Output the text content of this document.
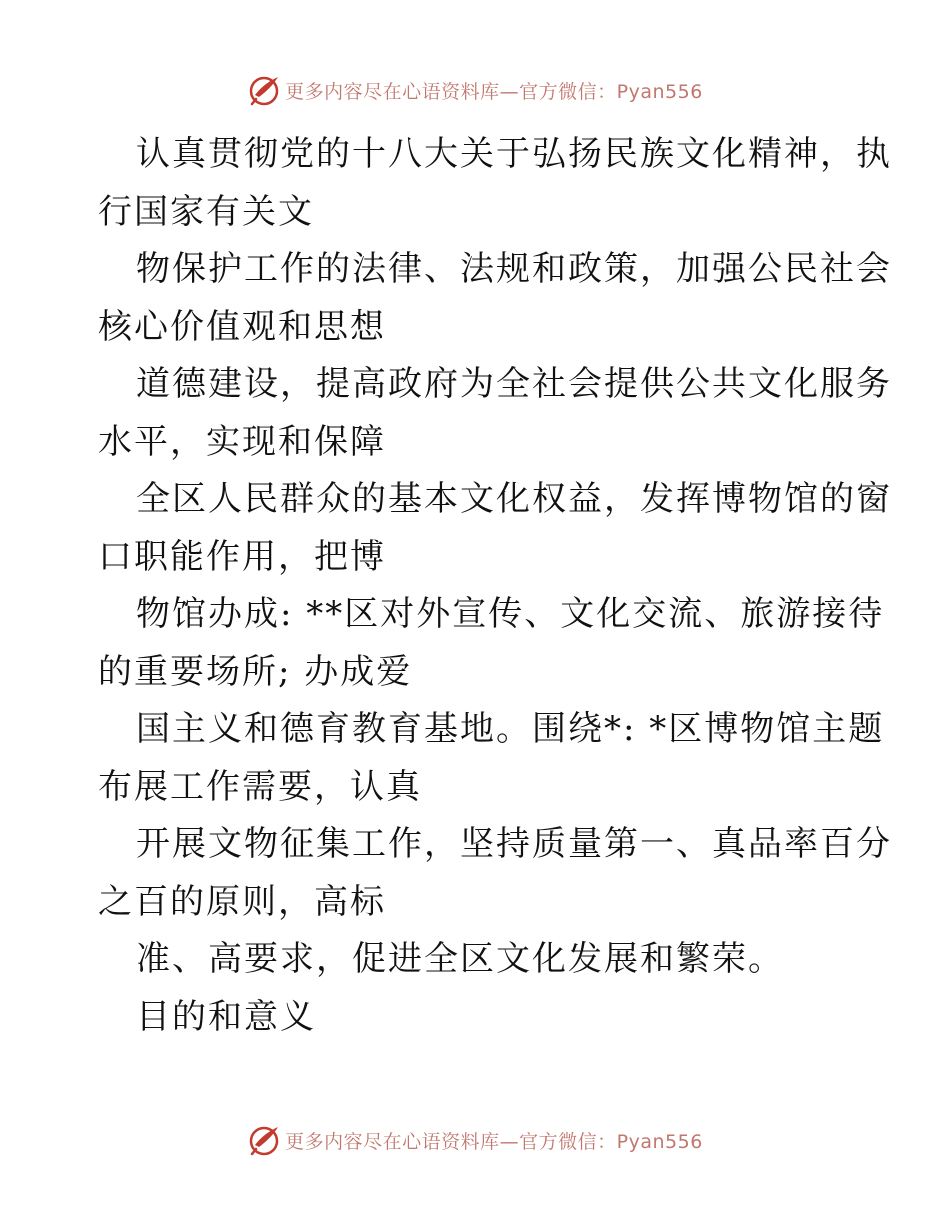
更多内容尽在心语资料库—官方微信：Pyan556
认真贯彻党的十八大关于弘扬民族文化精神，执
行国家有关文
物保护工作的法律、法规和政策，加强公民社会
核心价值观和思想
道德建设，提高政府为全社会提供公共文化服务
水平，实现和保障
全区人民群众的基本文化权益，发挥博物馆的窗
口职能作用，把博
物馆办成: **区对外宣传、文化交流、旅游接待
的重要场所; 办成爱
国主义和德育教育基地。围绕*: *区博物馆主题
布展工作需要，认真
开展文物征集工作，坚持质量第一、真品率百分
之百的原则，高标
准、高要求，促进全区文化发展和繁荣。
目的和意义
更多内容尽在心语资料库—官方微信：Pyan556
